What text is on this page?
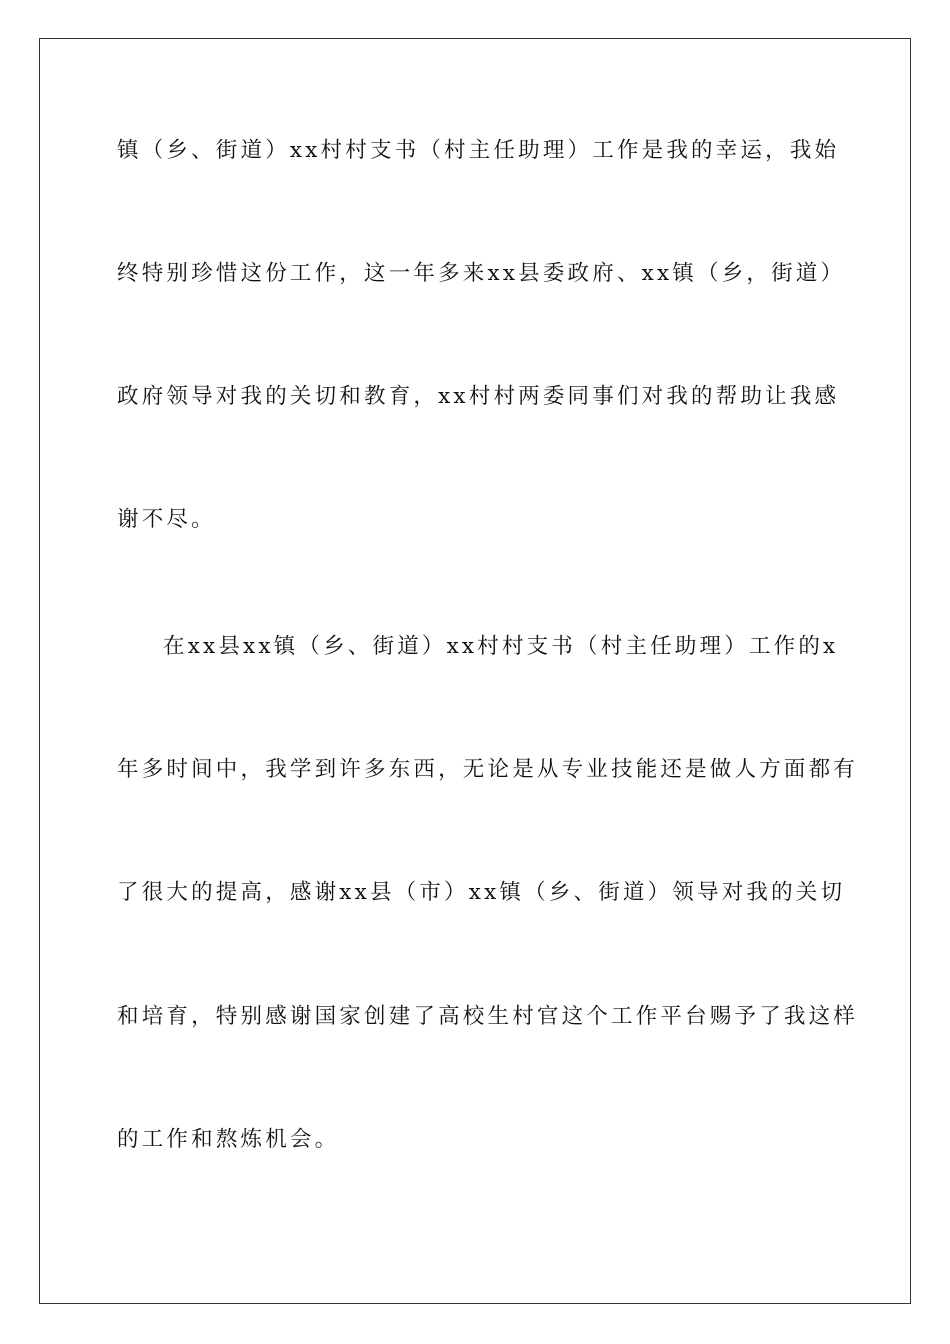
镇（乡、街道）xx村村支书（村主任助理）工作是我的幸运，我始
终特别珍惜这份工作，这一年多来xx县委政府、xx镇（乡，街道）
政府领导对我的关切和教育，xx村村两委同事们对我的帮助让我感
谢不尽。
在xx县xx镇（乡、街道）xx村村支书（村主任助理）工作的x
年多时间中，我学到许多东西，无论是从专业技能还是做人方面都有
了很大的提高，感谢xx县（市）xx镇（乡、街道）领导对我的关切
和培育，特别感谢国家创建了高校生村官这个工作平台赐予了我这样
的工作和熬炼机会。
